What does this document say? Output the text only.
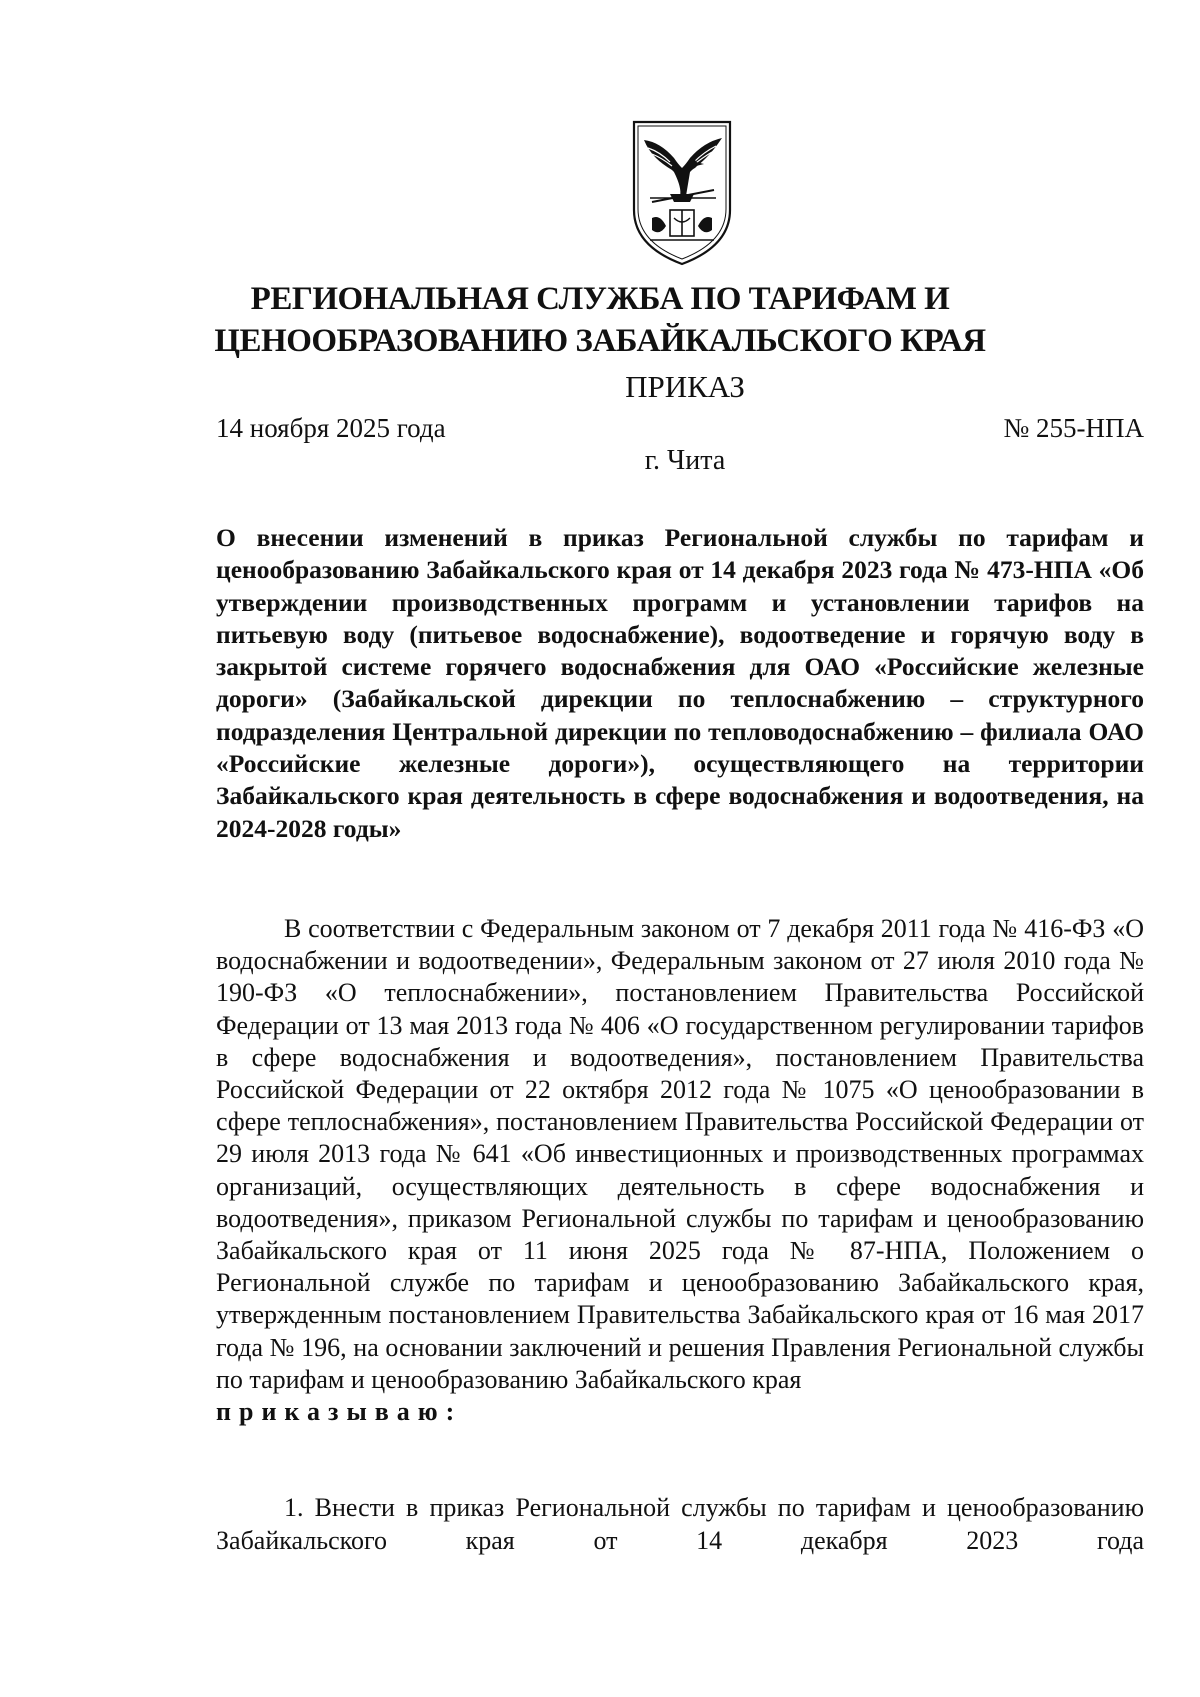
РЕГИОНАЛЬНАЯ СЛУЖБА ПО ТАРИФАМ И
ЦЕНООБРАЗОВАНИЮ ЗАБАЙКАЛЬСКОГО КРАЯ
ПРИКАЗ
14 ноября 2025 года	№ 255-НПА
г. Чита
О внесении изменений в приказ Региональной службы по тарифам и ценообразованию Забайкальского края от 14 декабря 2023 года № 473-НПА «Об утверждении производственных программ и установлении тарифов на питьевую воду (питьевое водоснабжение), водоотведение и горячую воду в закрытой системе горячего водоснабжения для ОАО «Российские железные дороги» (Забайкальской дирекции по теплоснабжению – структурного подразделения Центральной дирекции по тепловодоснабжению – филиала ОАО «Российские железные дороги»), осуществляющего на территории Забайкальского края деятельность в сфере водоснабжения и водоотведения, на 2024-2028 годы»
В соответствии с Федеральным законом от 7 декабря 2011 года № 416-ФЗ «О водоснабжении и водоотведении», Федеральным законом от 27 июля 2010 года № 190-ФЗ «О теплоснабжении», постановлением Правительства Российской Федерации от 13 мая 2013 года № 406 «О государственном регулировании тарифов в сфере водоснабжения и водоотведения», постановлением Правительства Российской Федерации от 22 октября 2012 года № 1075 «О ценообразовании в сфере теплоснабжения», постановлением Правительства Российской Федерации от 29 июля 2013 года № 641 «Об инвестиционных и производственных программах организаций, осуществляющих деятельность в сфере водоснабжения и водоотведения», приказом Региональной службы по тарифам и ценообразованию Забайкальского края от 11 июня 2025 года № 87-НПА, Положением о Региональной службе по тарифам и ценообразованию Забайкальского края, утвержденным постановлением Правительства Забайкальского края от 16 мая 2017 года № 196, на основании заключений и решения Правления Региональной службы по тарифам и ценообразованию Забайкальского края
приказываю:
1. Внести в приказ Региональной службы по тарифам и ценообразованию Забайкальского края от 14 декабря 2023 года
